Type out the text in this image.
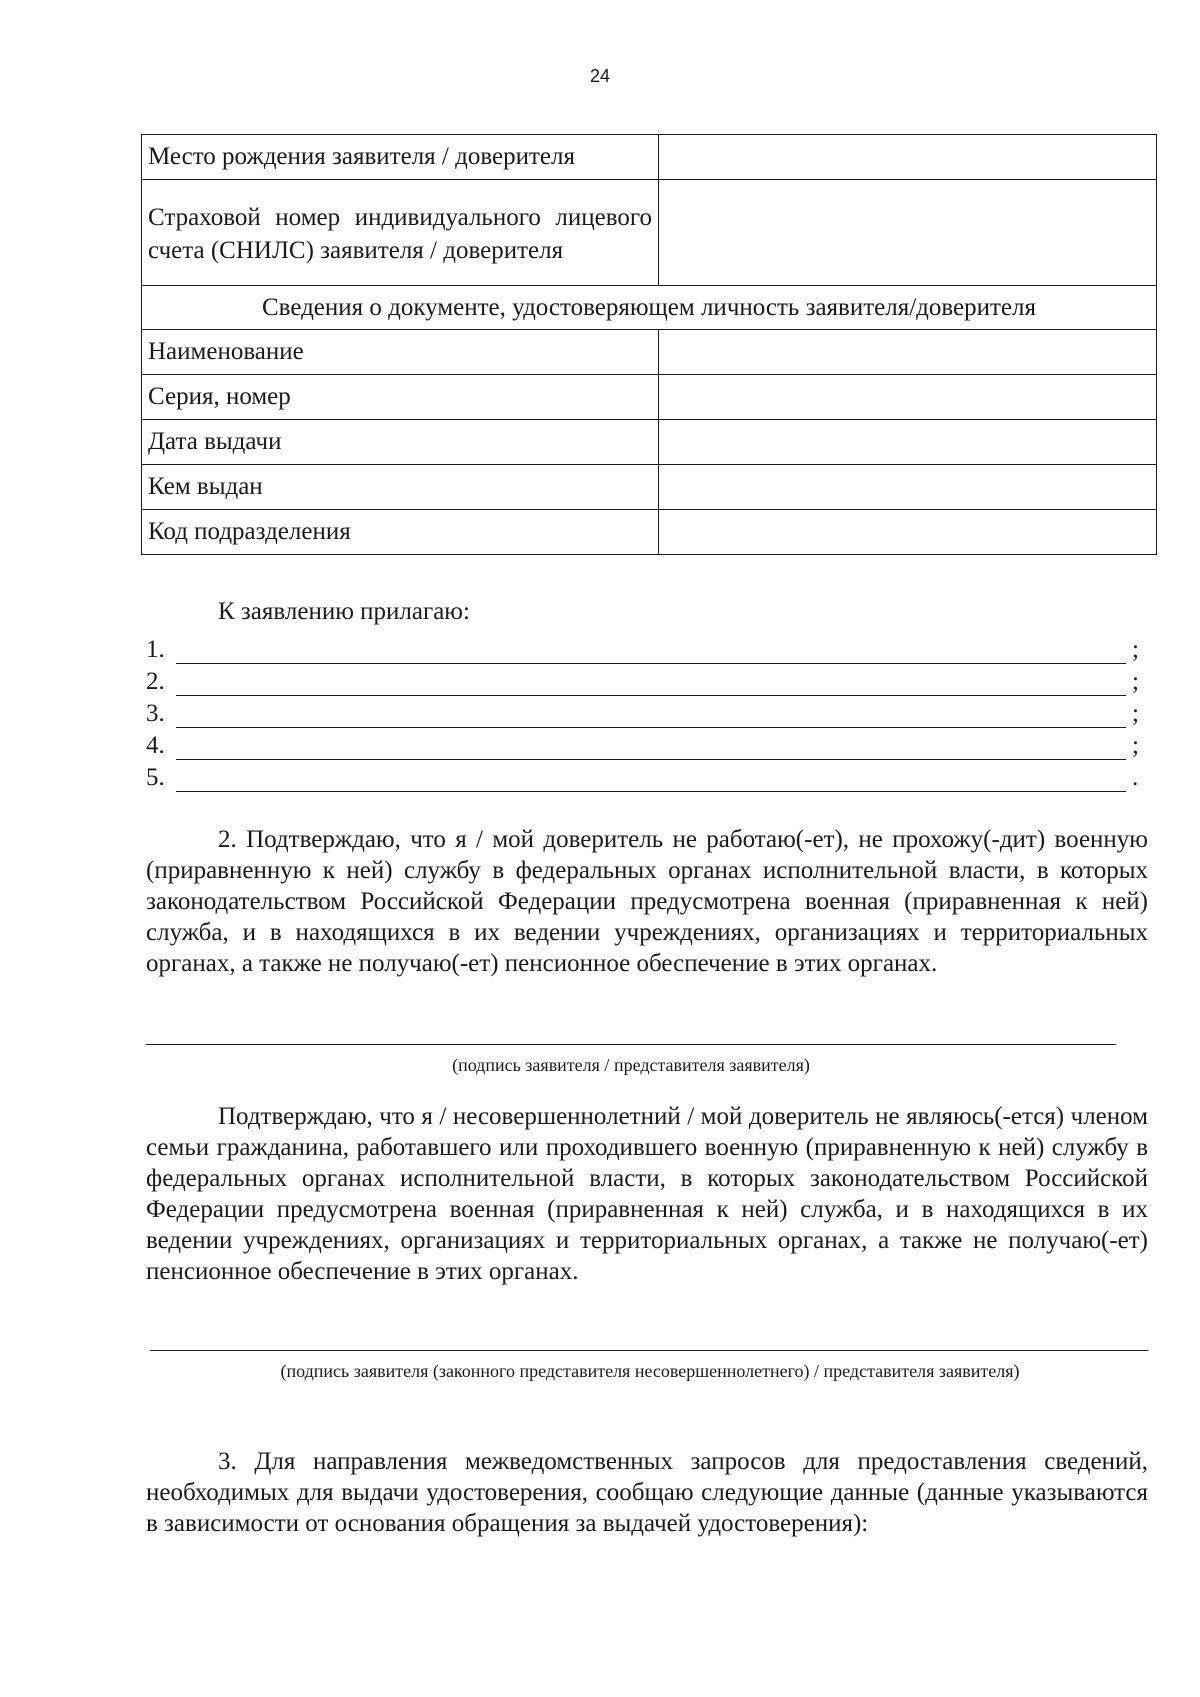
24
Место рождения заявителя / доверителя	
Страховой номер индивидуального лицевого счета (СНИЛС) заявителя / доверителя	
Сведения о документе, удостоверяющем личность заявителя/доверителя	
Наименование	
Серия, номер	
Дата выдачи	
Кем выдан	
Код подразделения	
К заявлению прилагаю:
1.	;
2.	;
3.	;
4.	;
5.	.
2. Подтверждаю, что я / мой доверитель не работаю(-ет), не прохожу(-дит) военную (приравненную к ней) службу в федеральных органах исполнительной власти, в которых законодательством Российской Федерации предусмотрена военная (приравненная к ней) служба, и в находящихся в их ведении учреждениях, организациях и территориальных органах, а также не получаю(-ет) пенсионное обеспечение в этих органах.
(подпись заявителя / представителя заявителя)
Подтверждаю, что я / несовершеннолетний / мой доверитель не являюсь(-ется) членом семьи гражданина, работавшего или проходившего военную (приравненную к ней) службу в федеральных органах исполнительной власти, в которых законодательством Российской Федерации предусмотрена военная (приравненная к ней) служба, и в находящихся в их ведении учреждениях, организациях и территориальных органах, а также не получаю(-ет) пенсионное обеспечение в этих органах.
(подпись заявителя (законного представителя несовершеннолетнего) / представителя заявителя)
3. Для направления межведомственных запросов для предоставления сведений, необходимых для выдачи удостоверения, сообщаю следующие данные (данные указываются в зависимости от основания обращения за выдачей удостоверения):
